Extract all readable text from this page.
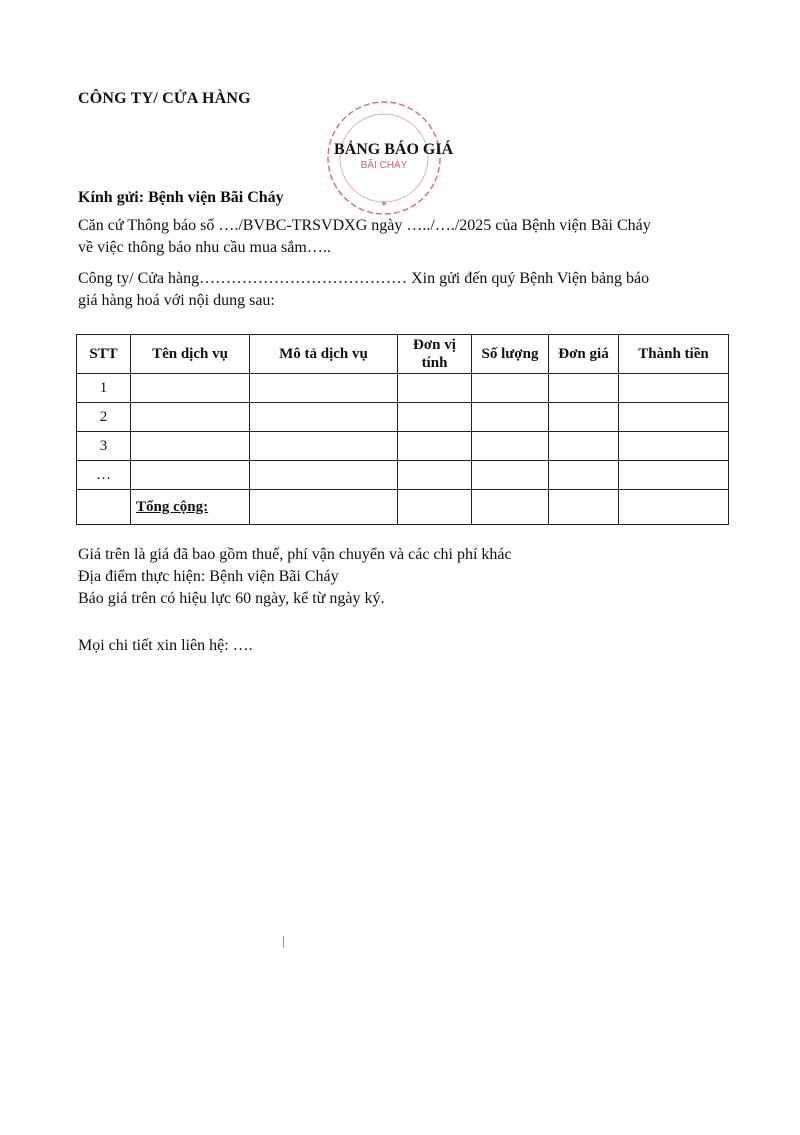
CÔNG TY/ CỬA HÀNG
BÃI CHÁY
★
BẢNG BÁO GIÁ
Kính gửi: Bệnh viện Bãi Cháy
Căn cứ Thông báo số …./BVBC-TRSVDXG ngày …../…./2025 của Bệnh viện Bãi Cháy
về việc thông báo nhu cầu mua sắm…..
Công ty/ Cửa hàng………………………………… Xin gửi đến quý Bệnh Viện bảng báo
giá hàng hoá với nội dung sau:
STT	Tên dịch vụ	Mô tả dịch vụ	Đơn vị tính	Số lượng	Đơn giá	Thành tiền
1						
2						
3						
…						
	Tổng cộng:					
Giá trên là giá đã bao gồm thuế, phí vận chuyển và các chi phí khác
Địa điểm thực hiện: Bệnh viện Bãi Cháy
Báo giá trên có hiệu lực 60 ngày, kể từ ngày ký.
Mọi chi tiết xin liên hệ: ….
